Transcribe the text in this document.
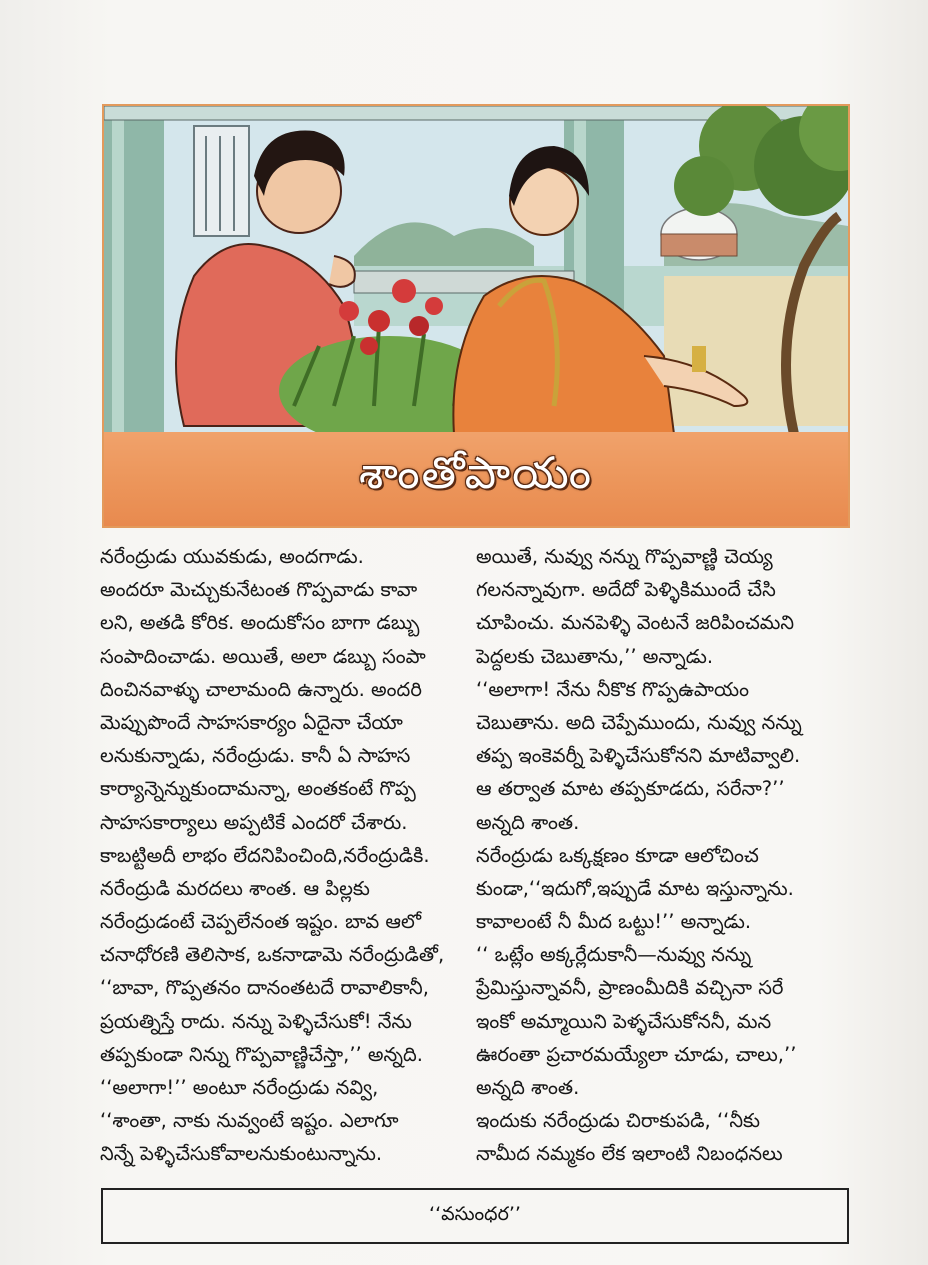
శాంతోపాయం
నరేంద్రుడు యువకుడు, అందగాడు.
అందరూ మెచ్చుకునేటంత గొప్పవాడు కావా
లని, అతడి కోరిక. అందుకోసం బాగా డబ్బు
సంపాదించాడు. అయితే, అలా డబ్బు సంపా
దించినవాళ్ళు చాలామంది ఉన్నారు. అందరి
మెప్పుపొందే సాహసకార్యం ఏదైనా చేయా
లనుకున్నాడు, నరేంద్రుడు. కానీ ఏ సాహస
కార్యాన్నెన్నుకుందామన్నా, అంతకంటే గొప్ప
సాహసకార్యాలు అప్పటికే ఎందరో చేశారు.
కాబట్టిఅదీ లాభం లేదనిపించింది,నరేంద్రుడికి.
నరేంద్రుడి మరదలు శాంత. ఆ పిల్లకు
నరేంద్రుడంటే చెప్పలేనంత ఇష్టం. బావ ఆలో
చనాధోరణి తెలిసాక, ఒకనాడామె నరేంద్రుడితో,
‘‘బావా, గొప్పతనం దానంతటదే రావాలికానీ,
ప్రయత్నిస్తే రాదు. నన్ను పెళ్ళిచేసుకో! నేను
తప్పకుండా నిన్ను గొప్పవాణ్ణిచేస్తా,’’ అన్నది.
‘‘అలాగా!’’ అంటూ నరేంద్రుడు నవ్వి,
‘‘శాంతా, నాకు నువ్వంటే ఇష్టం. ఎలాగూ
నిన్నే పెళ్ళిచేసుకోవాలనుకుంటున్నాను.
అయితే, నువ్వు నన్ను గొప్పవాణ్ణి చెయ్య
గలనన్నావుగా. అదేదో పెళ్ళికిముందే చేసి
చూపించు. మనపెళ్ళి వెంటనే జరిపించమని
పెద్దలకు చెబుతాను,’’ అన్నాడు.
‘‘అలాగా! నేను నీకొక గొప్పఉపాయం
చెబుతాను. అది చెప్పేముందు, నువ్వు నన్ను
తప్ప ఇంకెవర్నీ పెళ్ళిచేసుకోనని మాటివ్వాలి.
ఆ తర్వాత మాట తప్పకూడదు, సరేనా?’’
అన్నది శాంత.
నరేంద్రుడు ఒక్కక్షణం కూడా ఆలోచించ
కుండా,‘‘ఇదుగో,ఇప్పుడే మాట ఇస్తున్నాను.
కావాలంటే నీ మీద ఒట్టు!’’ అన్నాడు.
‘‘ ఒట్లేం అక్కర్లేదుకానీ—నువ్వు నన్ను
ప్రేమిస్తున్నావనీ, ప్రాణంమీదికి వచ్చినా సరే
ఇంకో అమ్మాయిని పెళ్ళచేసుకోననీ, మన
ఊరంతా ప్రచారమయ్యేలా చూడు, చాలు,’’
అన్నది శాంత.
ఇందుకు నరేంద్రుడు చిరాకుపడి, ‘‘నీకు
నామీద నమ్మకం లేక ఇలాంటి నిబంధనలు
‘‘వసుంధర’’
